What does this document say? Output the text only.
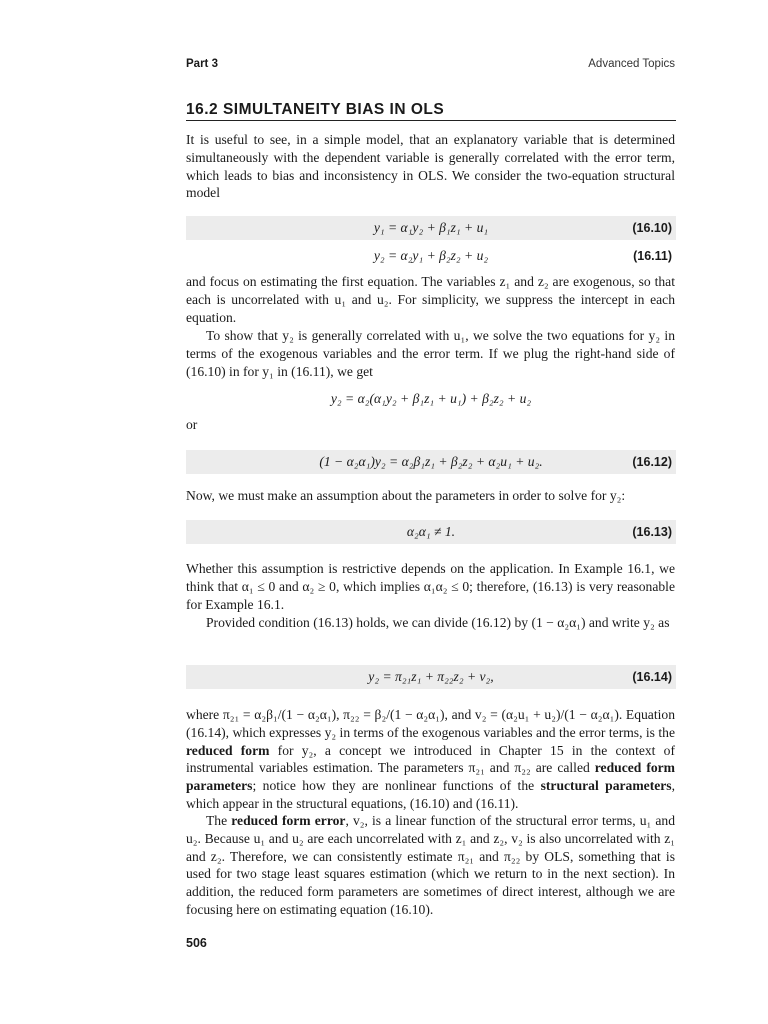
Part 3	Advanced Topics
16.2 SIMULTANEITY BIAS IN OLS

It is useful to see, in a simple model, that an explanatory variable that is determined simultaneously with the dependent variable is generally correlated with the error term, which leads to bias and inconsistency in OLS. We consider the two-equation structural model

y₁ = α₁y₂ + β₁z₁ + u₁	(16.10)
y₂ = α₂y₁ + β₂z₂ + u₂	(16.11)

and focus on estimating the first equation. The variables z₁ and z₂ are exogenous, so that each is uncorrelated with u₁ and u₂. For simplicity, we suppress the intercept in each equation.

To show that y₂ is generally correlated with u₁, we solve the two equations for y₂ in terms of the exogenous variables and the error term. If we plug the right-hand side of (16.10) in for y₁ in (16.11), we get

y₂ = α₂(α₁y₂ + β₁z₁ + u₁) + β₂z₂ + u₂

or

(1 − α₂α₁)y₂ = α₂β₁z₁ + β₂z₂ + α₂u₁ + u₂.	(16.12)

Now, we must make an assumption about the parameters in order to solve for y₂:

α₂α₁ ≠ 1.	(16.13)

Whether this assumption is restrictive depends on the application. In Example 16.1, we think that α₁ ≤ 0 and α₂ ≥ 0, which implies α₁α₂ ≤ 0; therefore, (16.13) is very reasonable for Example 16.1.

Provided condition (16.13) holds, we can divide (16.12) by (1 − α₂α₁) and write y₂ as

y₂ = π₂₁z₁ + π₂₂z₂ + v₂,	(16.14)

where π₂₁ = α₂β₁/(1 − α₂α₁), π₂₂ = β₂/(1 − α₂α₁), and v₂ = (α₂u₁ + u₂)/(1 − α₂α₁). Equation (16.14), which expresses y₂ in terms of the exogenous variables and the error terms, is the reduced form for y₂, a concept we introduced in Chapter 15 in the context of instrumental variables estimation. The parameters π₂₁ and π₂₂ are called reduced form parameters; notice how they are nonlinear functions of the structural parameters, which appear in the structural equations, (16.10) and (16.11).

The reduced form error, v₂, is a linear function of the structural error terms, u₁ and u₂. Because u₁ and u₂ are each uncorrelated with z₁ and z₂, v₂ is also uncorrelated with z₁ and z₂. Therefore, we can consistently estimate π₂₁ and π₂₂ by OLS, something that is used for two stage least squares estimation (which we return to in the next section). In addition, the reduced form parameters are sometimes of direct interest, although we are focusing here on estimating equation (16.10).

506
